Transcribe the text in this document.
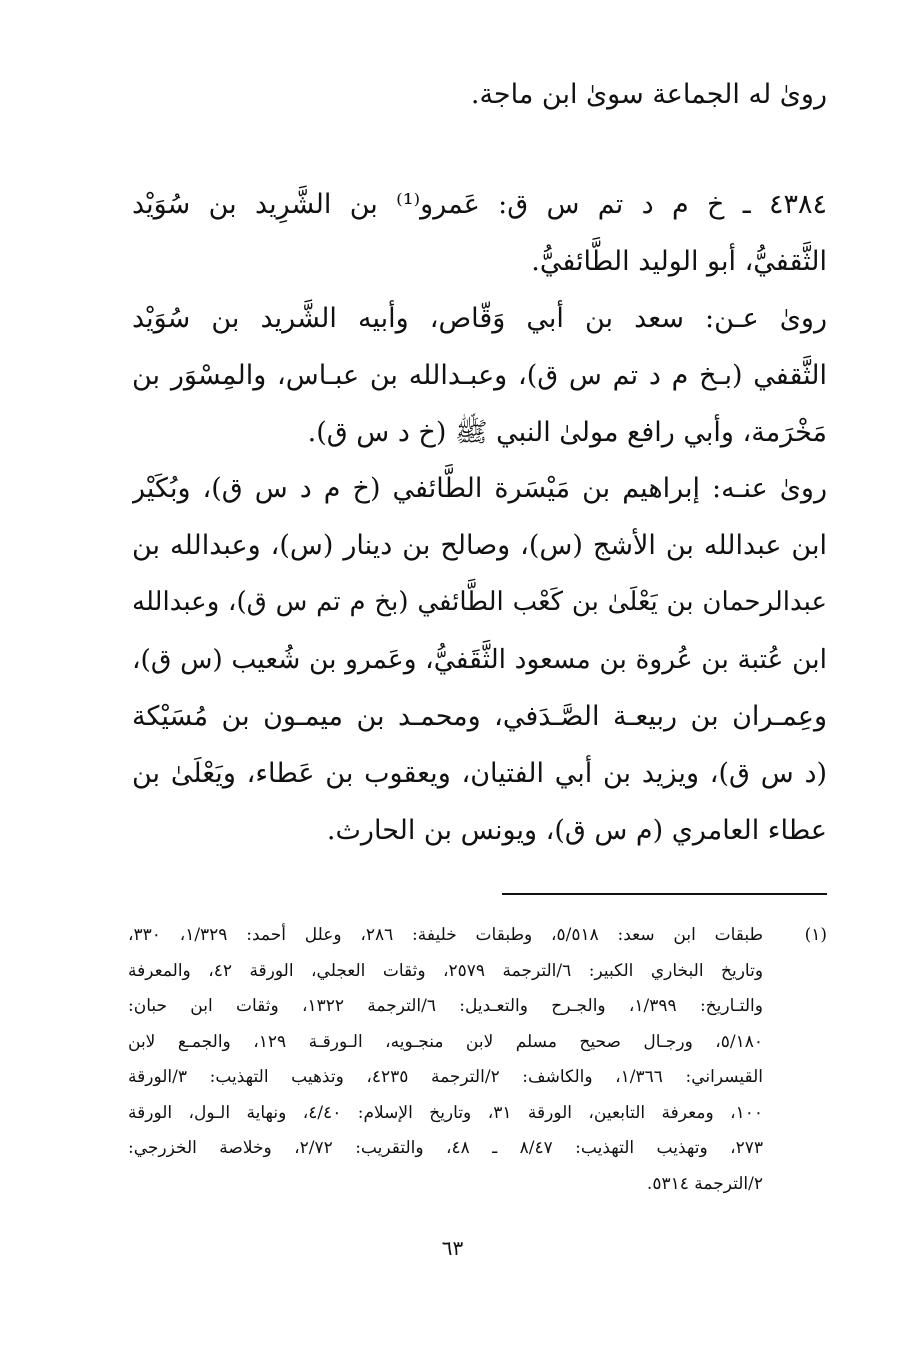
روىٰ له الجماعة سوىٰ ابن ماجة.
٤٣٨٤ ـ خ م د تم س ق: عَمرو⁽¹⁾ بن الشَّرِيد بن سُوَيْد
الثَّقفيُّ، أبو الوليد الطَّائفيُّ.
روىٰ عـن: سعد بن أبي وَقّاص، وأبيه الشَّريد بن سُوَيْد
الثَّقفي (بـخ م د تم س ق)، وعبـدالله بن عبـاس، والمِسْوَر بن
مَخْرَمة، وأبي رافع مولىٰ النبي ﷺ (خ د س ق).
روىٰ عنـه: إبراهيم بن مَيْسَرة الطَّائفي (خ م د س ق)، وبُكَيْر
ابن عبدالله بن الأشج (س)، وصالح بن دينار (س)، وعبدالله بن
عبدالرحمان بن يَعْلَىٰ بن كَعْب الطَّائفي (بخ م تم س ق)، وعبدالله
ابن عُتبة بن عُروة بن مسعود الثَّقَفيُّ، وعَمرو بن شُعيب (س ق)،
وعِمـران بن ربيعـة الصَّـدَفي، ومحمـد بن ميمـون بن مُسَيْكة
(د س ق)، ويزيد بن أبي الفتيان، ويعقوب بن عَطاء، ويَعْلَىٰ بن
عطاء العامري (م س ق)، ويونس بن الحارث.
(١)
طبقات ابن سعد: ٥/٥١٨، وطبقات خليفة: ٢٨٦، وعلل أحمد: ١/٣٢٩، ٣٣٠،
وتاريخ البخاري الكبير: ٦/الترجمة ٢٥٧٩، وثقات العجلي، الورقة ٤٢، والمعرفة
والتـاريخ: ١/٣٩٩، والجـرح والتعـديل: ٦/الترجمة ١٣٢٢، وثقات ابن حبان:
٥/١٨٠، ورجـال صحيح مسلم لابن منجـويه، الـورقـة ١٢٩، والجمـع لابن
القيسراني: ١/٣٦٦، والكاشف: ٢/الترجمة ٤٢٣٥، وتذهيب التهذيب: ٣/الورقة
١٠٠، ومعرفة التابعين، الورقة ٣١، وتاريخ الإسلام: ٤/٤٠، ونهاية الـول، الورقة
٢٧٣، وتهذيب التهذيب: ٨/٤٧ ـ ٤٨، والتقريب: ٢/٧٢، وخلاصة الخزرجي:
٢/الترجمة ٥٣١٤.
٦٣
